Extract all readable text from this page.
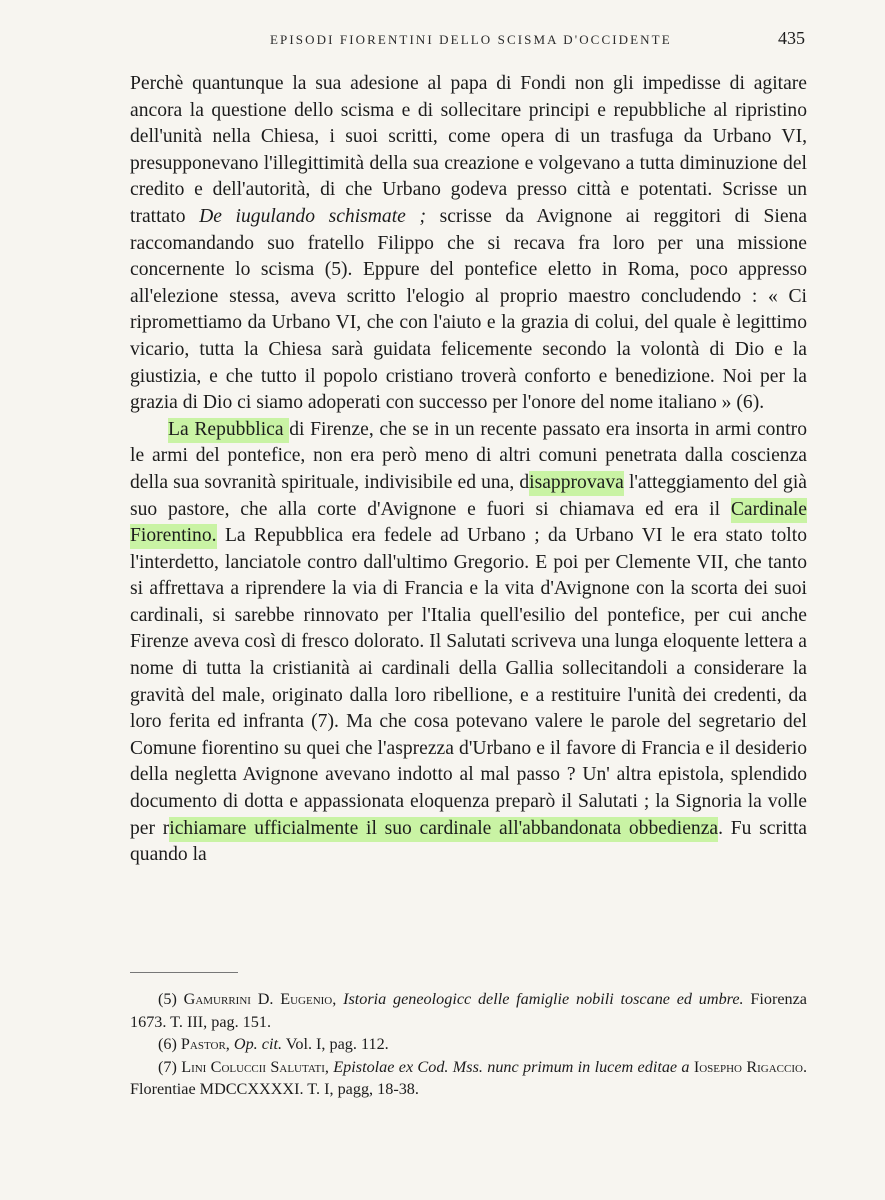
EPISODI FIORENTINI DELLO SCISMA D'OCCIDENTE	435

Perchè quantunque la sua adesione al papa di Fondi non gli impedisse di agitare ancora la questione dello scisma e di sollecitare principi e repubbliche al ripristino dell'unità nella Chiesa, i suoi scritti, come opera di un trasfuga da Urbano VI, presupponevano l'illegittimità della sua creazione e volgevano a tutta diminuzione del credito e dell'autorità, di che Urbano godeva presso città e potentati. Scrisse un trattato De iugulando schismate ; scrisse da Avignone ai reggitori di Siena raccomandando suo fratello Filippo che si recava fra loro per una missione concernente lo scisma (5). Eppure del pontefice eletto in Roma, poco appresso all'elezione stessa, aveva scritto l'elogio al proprio maestro concludendo : « Ci ripromettiamo da Urbano VI, che con l'aiuto e la grazia di colui, del quale è legittimo vicario, tutta la Chiesa sarà guidata felicemente secondo la volontà di Dio e la giustizia, e che tutto il popolo cristiano troverà conforto e benedizione. Noi per la grazia di Dio ci siamo adoperati con successo per l'onore del nome italiano » (6).

La Repubblica di Firenze, che se in un recente passato era insorta in armi contro le armi del pontefice, non era però meno di altri comuni penetrata dalla coscienza della sua sovranità spirituale, indivisibile ed una, disapprovava l'atteggiamento del già suo pastore, che alla corte d'Avignone e fuori si chiamava ed era il Cardinale Fiorentino. La Repubblica era fedele ad Urbano ; da Urbano VI le era stato tolto l'interdetto, lanciatole contro dall'ultimo Gregorio. E poi per Clemente VII, che tanto si affrettava a riprendere la via di Francia e la vita d'Avignone con la scorta dei suoi cardinali, si sarebbe rinnovato per l'Italia quell'esilio del pontefice, per cui anche Firenze aveva così di fresco dolorato. Il Salutati scriveva una lunga eloquente lettera a nome di tutta la cristianità ai cardinali della Gallia sollecitandoli a considerare la gravità del male, originato dalla loro ribellione, e a restituire l'unità dei credenti, da loro ferita ed infranta (7). Ma che cosa potevano valere le parole del segretario del Comune fiorentino su quei che l'asprezza d'Urbano e il favore di Francia e il desiderio della negletta Avignone avevano indotto al mal passo ? Un' altra epistola, splendido documento di dotta e appassionata eloquenza preparò il Salutati ; la Signoria la volle per richiamare ufficialmente il suo cardinale all'abbandonata obbedienza. Fu scritta quando la

(5) Gamurrini D. Eugenio, Istoria geneologicc delle famiglie nobili toscane ed umbre. Fiorenza 1673. T. III, pag. 151.

(6) Pastor, Op. cit. Vol. I, pag. 112.

(7) Lini Coluccii Salutati, Epistolae ex Cod. Mss. nunc primum in lucem editae a Iosepho Rigaccio. Florentiae MDCCXXXXI. T. I, pagg, 18-38.
